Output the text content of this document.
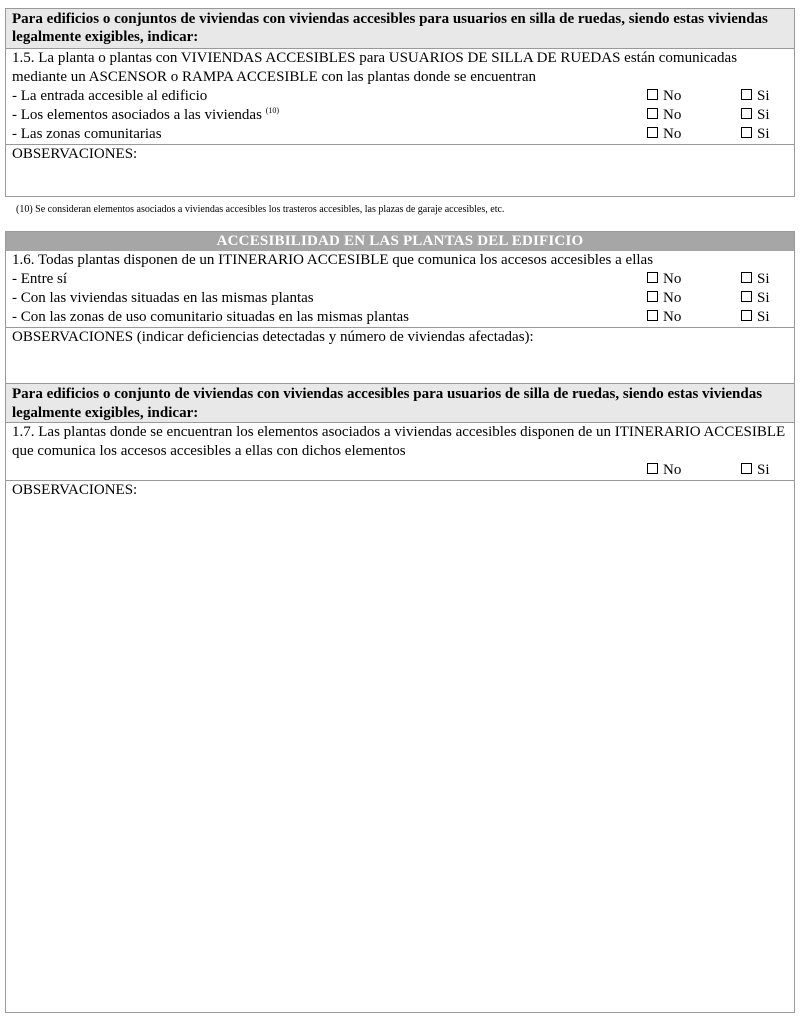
Para edificios o conjuntos de viviendas con viviendas accesibles para usuarios en silla de ruedas, siendo estas viviendas legalmente exigibles, indicar:
1.5. La planta o plantas con VIVIENDAS ACCESIBLES para USUARIOS DE SILLA DE RUEDAS están comunicadas mediante un ASCENSOR o RAMPA ACCESIBLE con las plantas donde se encuentran
- La entrada accesible al edificio	No	Si
- Los elementos asociados a las viviendas $^{(10)}$	No	Si
- Las zonas comunitarias	No	Si
OBSERVACIONES:
(10) Se consideran elementos asociados a viviendas accesibles los trasteros accesibles, las plazas de garaje accesibles, etc.
ACCESIBILIDAD EN LAS PLANTAS DEL EDIFICIO
1.6. Todas plantas disponen de un ITINERARIO ACCESIBLE que comunica los accesos accesibles a ellas
- Entre sí	No	Si
- Con las viviendas situadas en las mismas plantas	No	Si
- Con las zonas de uso comunitario situadas en las mismas plantas	No	Si
OBSERVACIONES (indicar deficiencias detectadas y número de viviendas afectadas):
Para edificios o conjunto de viviendas con viviendas accesibles para usuarios de silla de ruedas, siendo estas viviendas legalmente exigibles, indicar:
1.7. Las plantas donde se encuentran los elementos asociados a viviendas accesibles disponen de un ITINERARIO ACCESIBLE que comunica los accesos accesibles a ellas con dichos elementos
No	Si
OBSERVACIONES:
